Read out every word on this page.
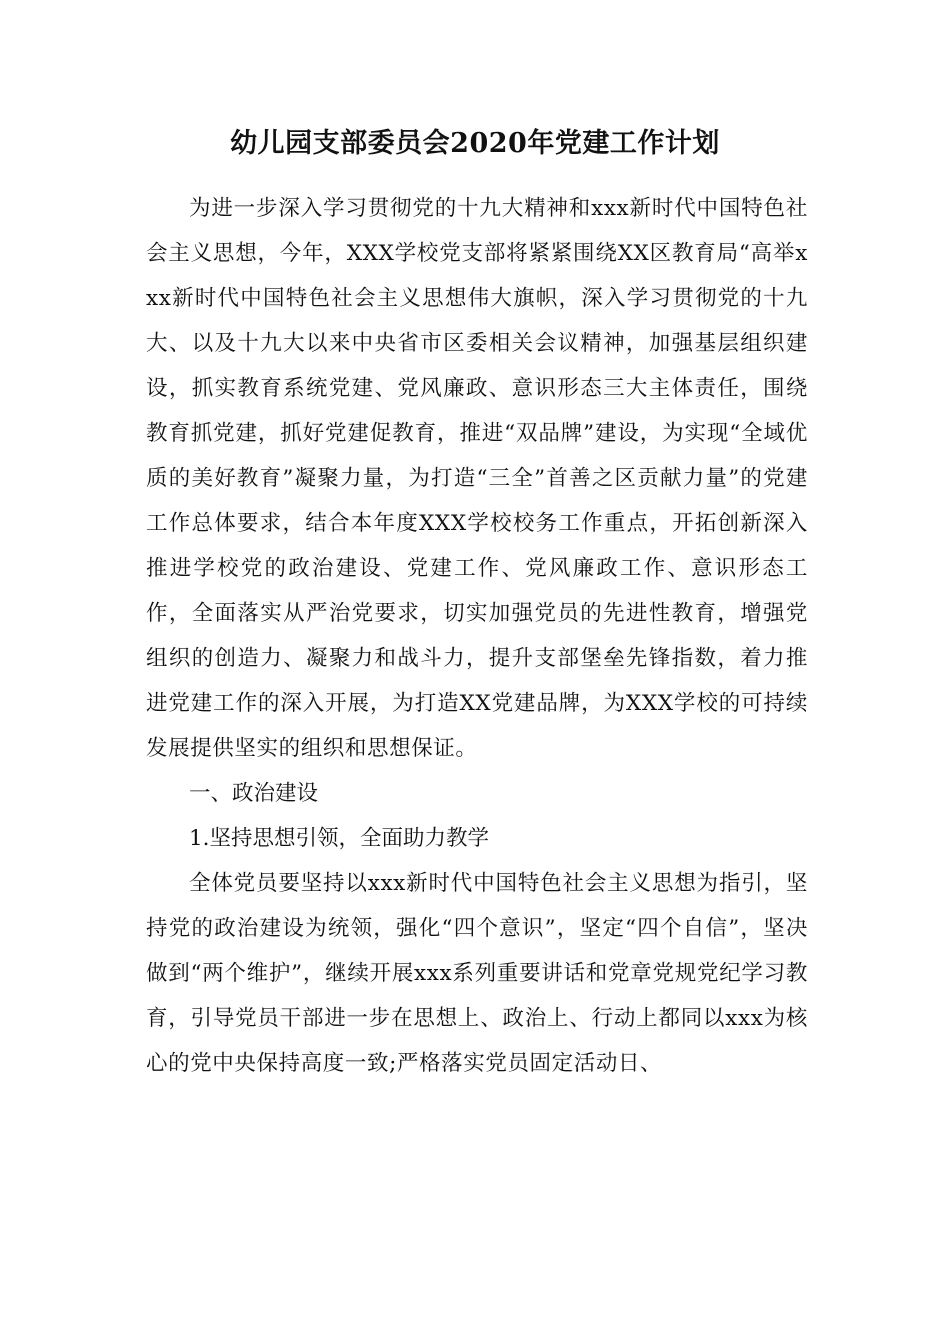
幼儿园支部委员会2020年党建工作计划

为进一步深入学习贯彻党的十九大精神和xxx新时代中国特色社会主义思想，今年，XXX学校党支部将紧紧围绕XX区教育局“高举xxx新时代中国特色社会主义思想伟大旗帜，深入学习贯彻党的十九大、以及十九大以来中央省市区委相关会议精神，加强基层组织建设，抓实教育系统党建、党风廉政、意识形态三大主体责任，围绕教育抓党建，抓好党建促教育，推进“双品牌”建设，为实现“全域优质的美好教育”凝聚力量，为打造“三全”首善之区贡献力量”的党建工作总体要求，结合本年度XXX学校校务工作重点，开拓创新深入推进学校党的政治建设、党建工作、党风廉政工作、意识形态工作，全面落实从严治党要求，切实加强党员的先进性教育，增强党组织的创造力、凝聚力和战斗力，提升支部堡垒先锋指数，着力推进党建工作的深入开展，为打造XX党建品牌，为XXX学校的可持续发展提供坚实的组织和思想保证。

一、政治建设

1.坚持思想引领，全面助力教学

全体党员要坚持以xxx新时代中国特色社会主义思想为指引，坚持党的政治建设为统领，强化“四个意识”，坚定“四个自信”，坚决做到“两个维护”，继续开展xxx系列重要讲话和党章党规党纪学习教育，引导党员干部进一步在思想上、政治上、行动上都同以xxx为核心的党中央保持高度一致;严格落实党员固定活动日、
